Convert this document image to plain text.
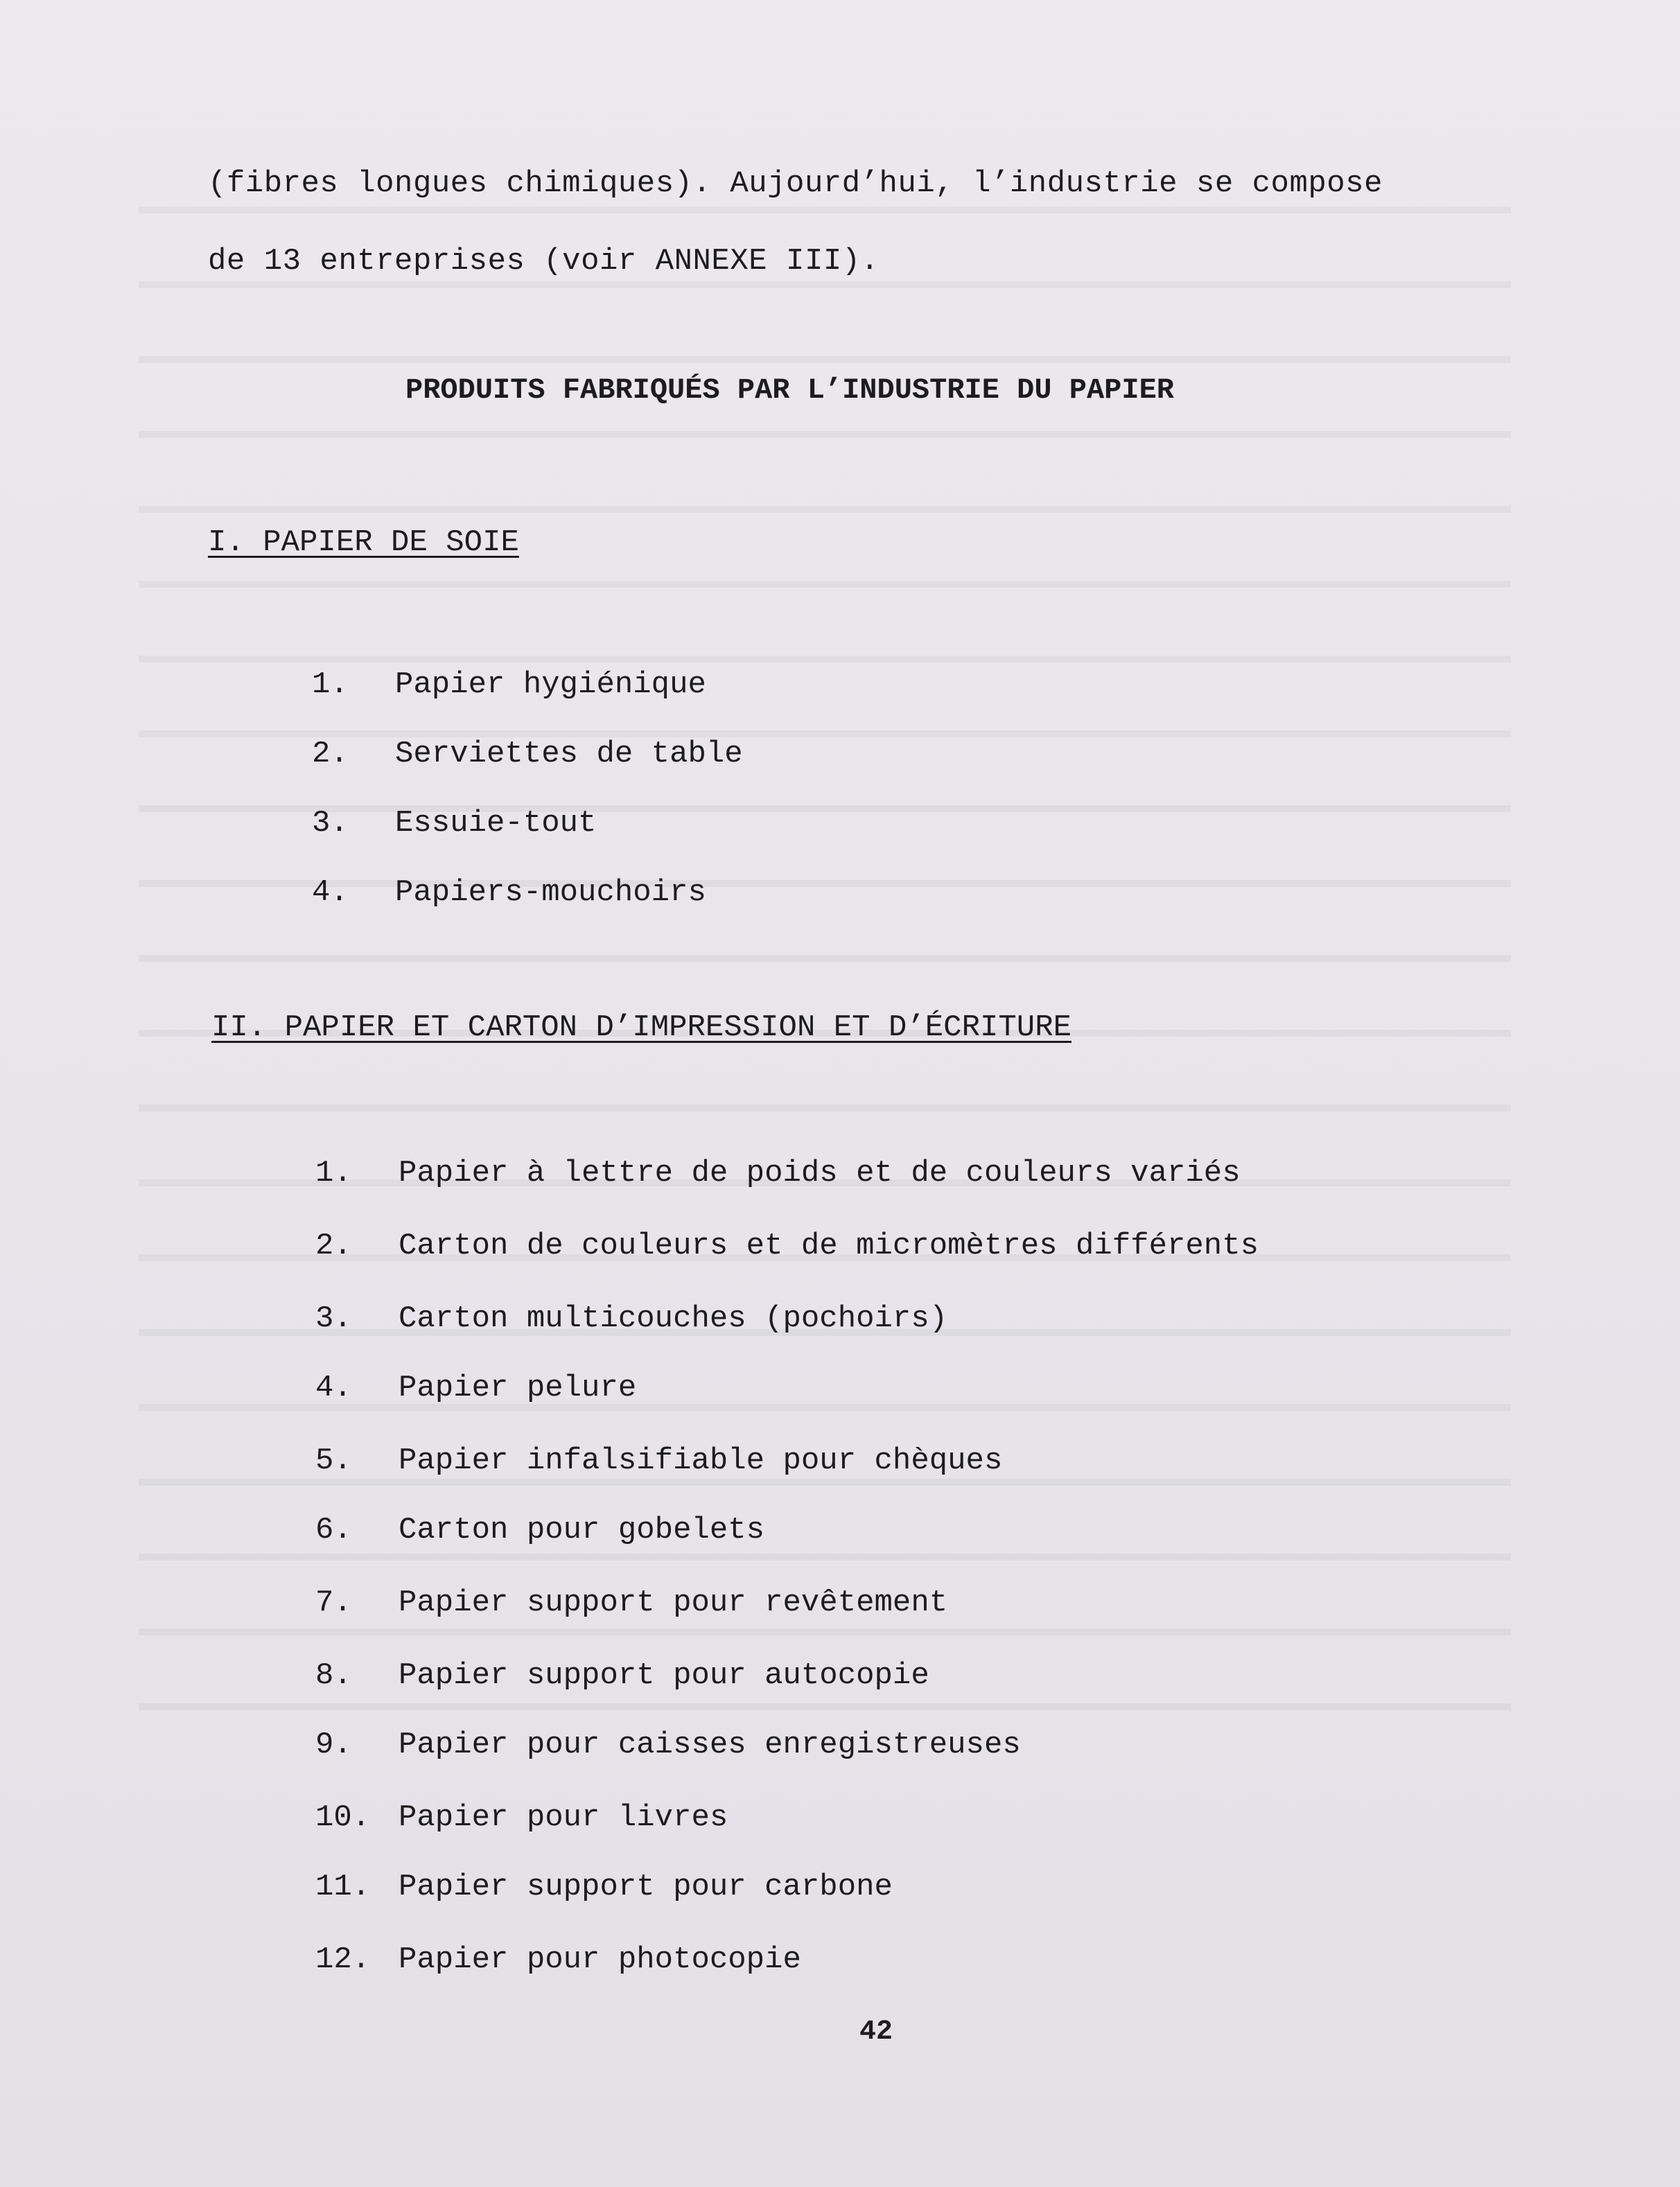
(fibres longues chimiques). Aujourd’hui, l’industrie se compose
de 13 entreprises (voir ANNEXE III).
PRODUITS FABRIQUÉS PAR L’INDUSTRIE DU PAPIER
I. PAPIER DE SOIE
1. Papier hygiénique
2. Serviettes de table
3. Essuie-tout
4. Papiers-mouchoirs
II. PAPIER ET CARTON D’IMPRESSION ET D’ÉCRITURE
1. Papier à lettre de poids et de couleurs variés
2. Carton de couleurs et de micromètres différents
3. Carton multicouches (pochoirs)
4. Papier pelure
5. Papier infalsifiable pour chèques
6. Carton pour gobelets
7. Papier support pour revêtement
8. Papier support pour autocopie
9. Papier pour caisses enregistreuses
10. Papier pour livres
11. Papier support pour carbone
12. Papier pour photocopie
42
